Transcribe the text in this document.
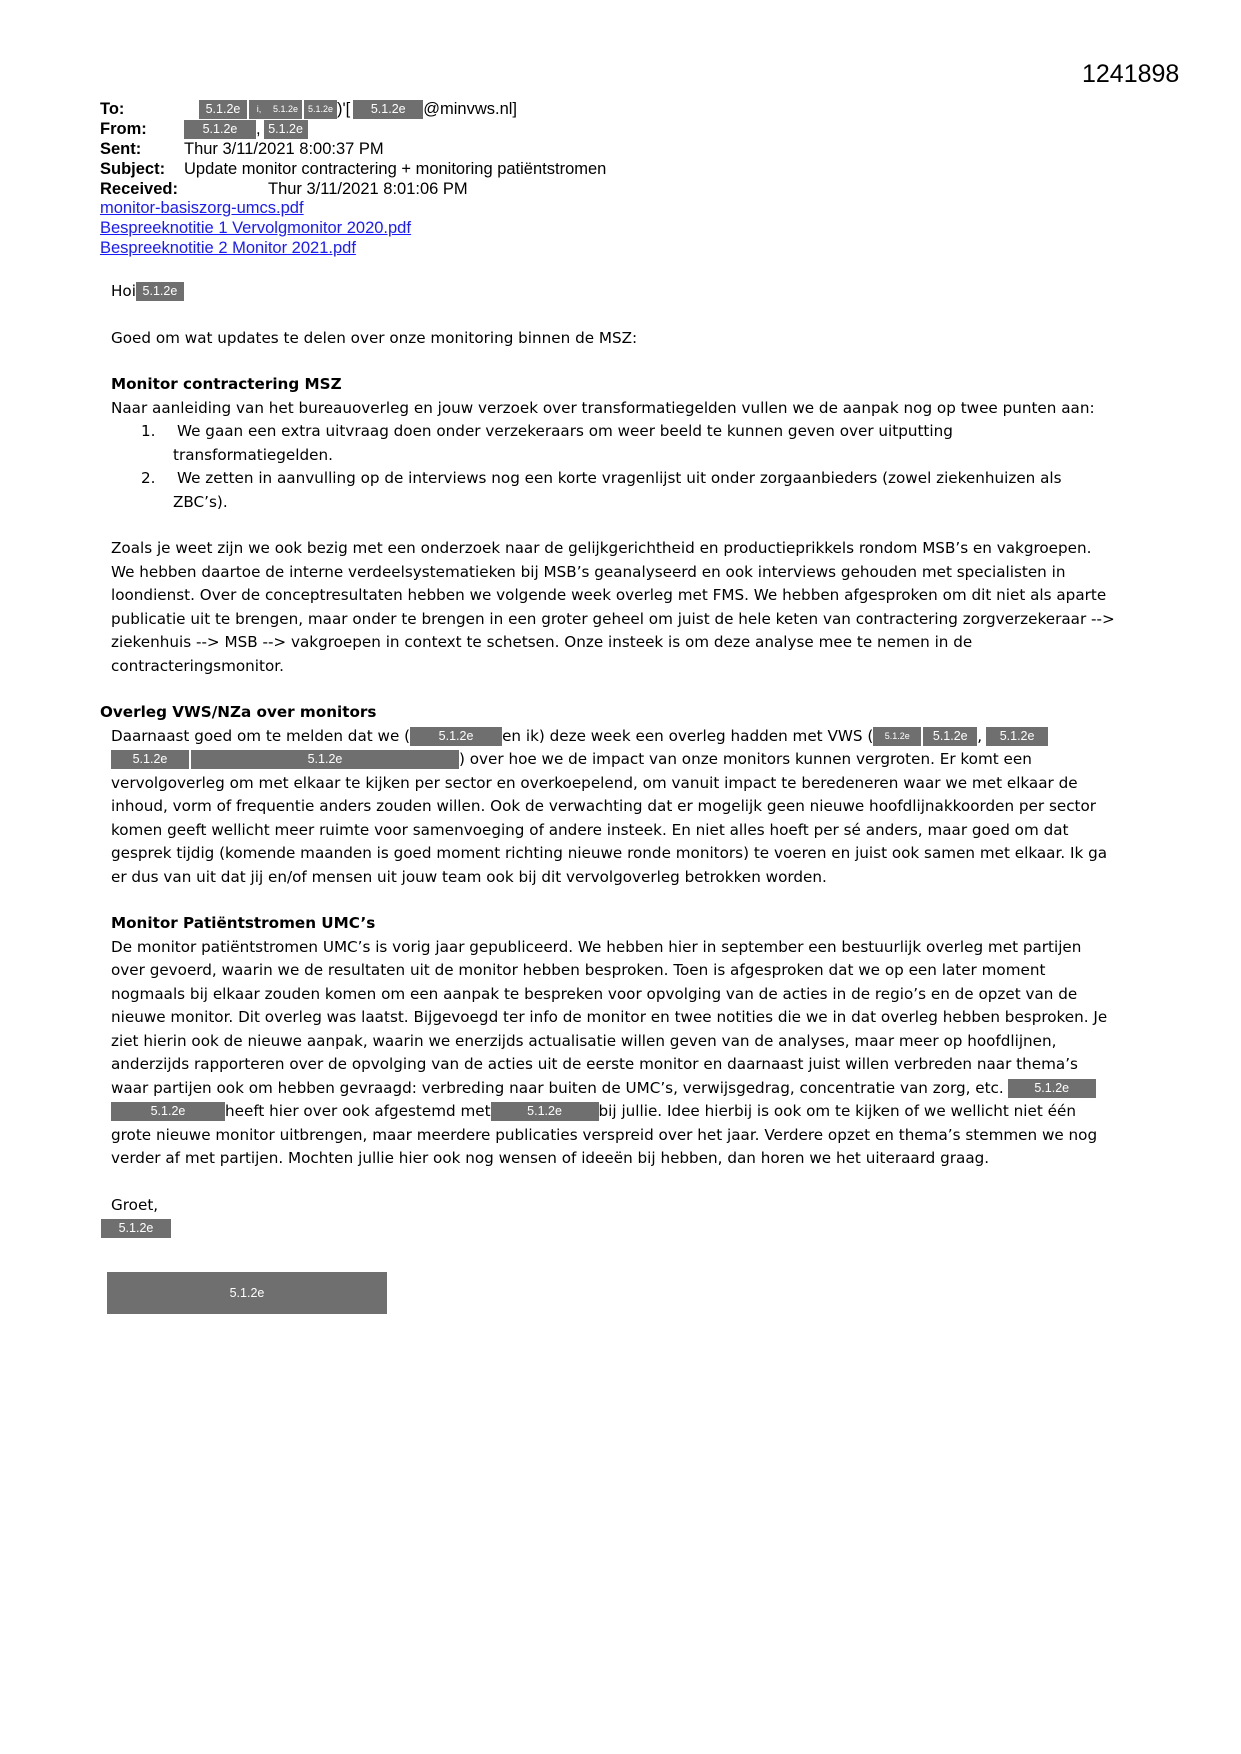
1241898
To:	5.1.2e i, 5.1.2e 5.1.2e )'[ 5.1.2e @minvws.nl]
From:	5.1.2e , 5.1.2e
Sent:	Thur 3/11/2021 8:00:37 PM
Subject: Update monitor contractering + monitoring patiëntstromen
Received:	Thur 3/11/2021 8:01:06 PM
monitor-basiszorg-umcs.pdf
Bespreeknotitie 1 Vervolgmonitor 2020.pdf
Bespreeknotitie 2 Monitor 2021.pdf

Hoi 5.1.2e

Goed om wat updates te delen over onze monitoring binnen de MSZ:

Monitor contractering MSZ

Naar aanleiding van het bureauoverleg en jouw verzoek over transformatiegelden vullen we de aanpak nog op twee punten aan:

1. We gaan een extra uitvraag doen onder verzekeraars om weer beeld te kunnen geven over uitputting

transformatiegelden.

2. We zetten in aanvulling op de interviews nog een korte vragenlijst uit onder zorgaanbieders (zowel ziekenhuizen als

ZBC’s).

Zoals je weet zijn we ook bezig met een onderzoek naar de gelijkgerichtheid en productieprikkels rondom MSB’s en vakgroepen.

We hebben daartoe de interne verdeelsystematieken bij MSB’s geanalyseerd en ook interviews gehouden met specialisten in

loondienst. Over de conceptresultaten hebben we volgende week overleg met FMS. We hebben afgesproken om dit niet als aparte

publicatie uit te brengen, maar onder te brengen in een groter geheel om juist de hele keten van contractering zorgverzekeraar -->

ziekenhuis --> MSB --> vakgroepen in context te schetsen. Onze insteek is om deze analyse mee te nemen in de

contracteringsmonitor.

Overleg VWS/NZa over monitors

Daarnaast goed om te melden dat we ( 5.1.2e en ik) deze week een overleg hadden met VWS ( 5.1.2e 5.1.2e , 5.1.2e

5.1.2e	5.1.2e	) over hoe we de impact van onze monitors kunnen vergroten. Er komt een

vervolgoverleg om met elkaar te kijken per sector en overkoepelend, om vanuit impact te beredeneren waar we met elkaar de

inhoud, vorm of frequentie anders zouden willen. Ook de verwachting dat er mogelijk geen nieuwe hoofdlijnakkoorden per sector

komen geeft wellicht meer ruimte voor samenvoeging of andere insteek. En niet alles hoeft per sé anders, maar goed om dat

gesprek tijdig (komende maanden is goed moment richting nieuwe ronde monitors) te voeren en juist ook samen met elkaar. Ik ga

er dus van uit dat jij en/of mensen uit jouw team ook bij dit vervolgoverleg betrokken worden.

Monitor Patiëntstromen UMC’s

De monitor patiëntstromen UMC’s is vorig jaar gepubliceerd. We hebben hier in september een bestuurlijk overleg met partijen

over gevoerd, waarin we de resultaten uit de monitor hebben besproken. Toen is afgesproken dat we op een later moment

nogmaals bij elkaar zouden komen om een aanpak te bespreken voor opvolging van de acties in de regio’s en de opzet van de

nieuwe monitor. Dit overleg was laatst. Bijgevoegd ter info de monitor en twee notities die we in dat overleg hebben besproken. Je

ziet hierin ook de nieuwe aanpak, waarin we enerzijds actualisatie willen geven van de analyses, maar meer op hoofdlijnen,

anderzijds rapporteren over de opvolging van de acties uit de eerste monitor en daarnaast juist willen verbreden naar thema’s

waar partijen ook om hebben gevraagd: verbreding naar buiten de UMC’s, verwijsgedrag, concentratie van zorg, etc. 5.1.2e

5.1.2e	heeft hier over ook afgestemd met	5.1.2e bij jullie. Idee hierbij is ook om te kijken of we wellicht niet één

grote nieuwe monitor uitbrengen, maar meerdere publicaties verspreid over het jaar. Verdere opzet en thema’s stemmen we nog

verder af met partijen. Mochten jullie hier ook nog wensen of ideeën bij hebben, dan horen we het uiteraard graag.

Groet,

5.1.2e

5.1.2e
